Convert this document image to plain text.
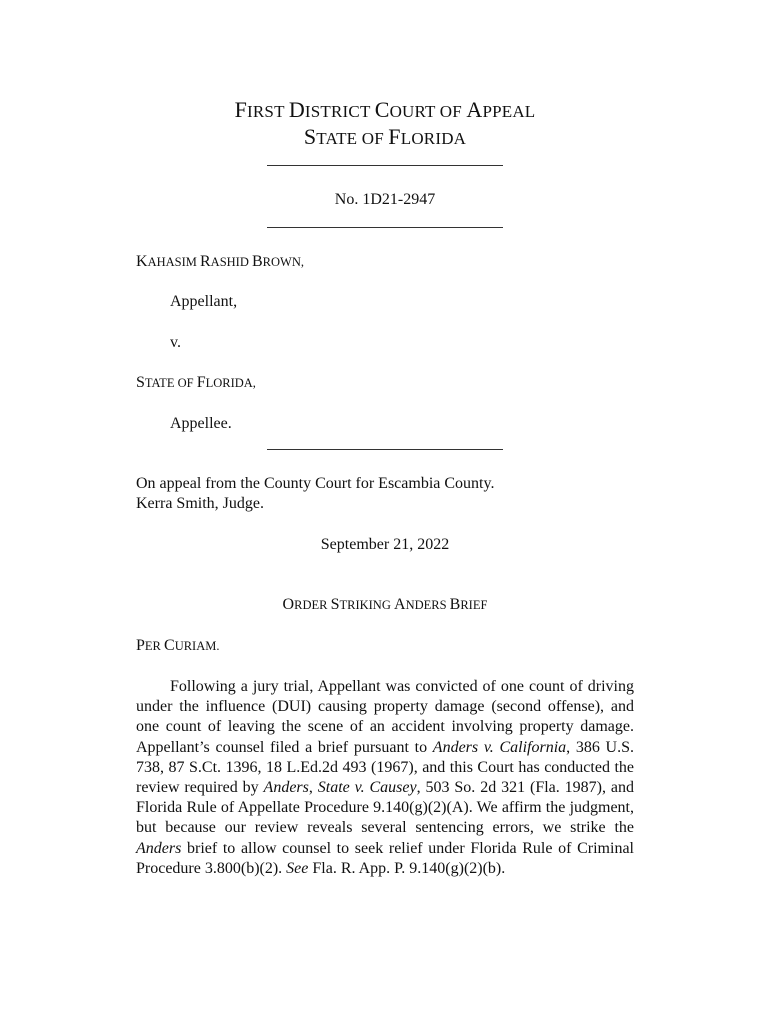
FIRST DISTRICT COURT OF APPEAL
STATE OF FLORIDA
No. 1D21-2947
KAHASIM RASHID BROWN,
Appellant,
v.
STATE OF FLORIDA,
Appellee.
On appeal from the County Court for Escambia County.
Kerra Smith, Judge.
September 21, 2022
ORDER STRIKING ANDERS BRIEF
PER CURIAM.

Following a jury trial, Appellant was convicted of one count of driving under the influence (DUI) causing property damage (second offense), and one count of leaving the scene of an accident involving property damage. Appellant’s counsel filed a brief pursuant to Anders v. California, 386 U.S. 738, 87 S.Ct. 1396, 18 L.Ed.2d 493 (1967), and this Court has conducted the review required by Anders, State v. Causey, 503 So. 2d 321 (Fla. 1987), and Florida Rule of Appellate Procedure 9.140(g)(2)(A). We affirm the judgment, but because our review reveals several sentencing errors, we strike the Anders brief to allow counsel to seek relief under Florida Rule of Criminal Procedure 3.800(b)(2). See Fla. R. App. P. 9.140(g)(2)(b).
